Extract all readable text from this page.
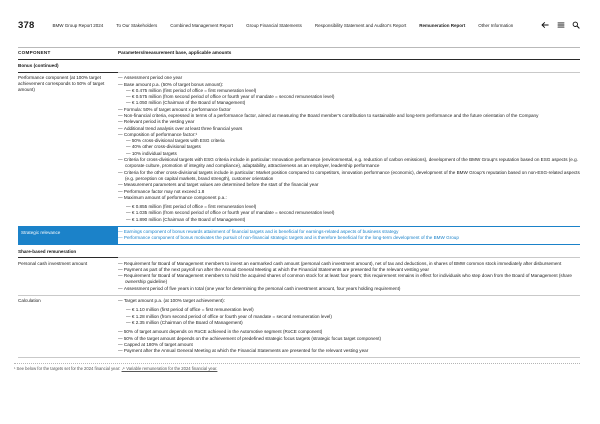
378	BMW Group Report 2024	To Our Stakeholders	Combined Management Report	Group Financial Statements	Responsibility Statement and Auditor's Report	Remuneration Report	Other Information
COMPONENT	Parameters/measurement base, applicable amounts
Bonus (continued)
Performance component (at 100% target achievement corresponds to 50% of target amount)
— Assessment period one year
— Base amount p.a. (50% of target bonus amount):
— € 0.475 million (first period of office = first remuneration level)
— € 0.575 million (from second period of office or fourth year of mandate = second remuneration level)
— € 1.050 million (Chairman of the Board of Management)
— Formula: 50% of target amount x performance factor
— Non-financial criteria, expressed in terms of a performance factor, aimed at measuring the Board member's contribution to sustainable and long-term performance and the future orientation of the Company
— Relevant period is the vesting year
— Additional trend analysis over at least three financial years
— Composition of performance factor:¹
— 50% cross-divisional targets with ESG criteria
— 40% other cross-divisional targets
— 10% individual targets
— Criteria for cross-divisional targets with ESG criteria include in particular: Innovation performance (environmental, e.g. reduction of carbon emissions), development of the BMW Group's reputation based on ESG aspects (e.g. corporate culture, promotion of integrity and compliance), adaptability, attractiveness as an employer, leadership performance
— Criteria for the other cross-divisional targets include in particular: Market position compared to competitors, innovation performance (economic), development of the BMW Group's reputation based on non-ESG-related aspects (e.g. perception on capital markets, brand strength), customer orientation
— Measurement parameters and target values are determined before the start of the financial year
— Performance factor may not exceed 1.8
— Maximum amount of performance component p.a.:
— € 0.855 million (first period of office = first remuneration level)
— € 1.035 million (from second period of office or fourth year of mandate = second remuneration level)
— € 1.890 million (Chairman of the Board of Management)
Strategic relevance	— Earnings component of bonus rewards attainment of financial targets and is beneficial for earnings-related aspects of business strategy
— Performance component of bonus motivates the pursuit of non-financial strategic targets and is therefore beneficial for the long-term development of the BMW Group
Share-based remuneration
Personal cash investment amount	— Requirement for Board of Management members to invest an earmarked cash amount (personal cash investment amount), net of tax and deductions, in shares of BMW common stock immediately after disbursement
— Payment as part of the next payroll run after the Annual General Meeting at which the Financial Statements are presented for the relevant vesting year
— Requirement for Board of Management members to hold the acquired shares of common stock for at least four years; this requirement remains in effect for individuals who step down from the Board of Management (share ownership guideline)
— Assessment period of five years in total (one year for determining the personal cash investment amount, four years holding requirement)
Calculation	— Target amount p.a. (at 100% target achievement):
— € 1.10 million (first period of office = first remuneration level)
— € 1.28 million (from second period of office or fourth year of mandate = second remuneration level)
— € 2.35 million (Chairman of the Board of Management)
— 50% of target amount depends on RoCE achieved in the Automotive segment (RoCE component)
— 50% of the target amount depends on the achievement of predefined strategic focus targets (strategic focus target component)
— Capped at 180% of target amount
— Payment after the Annual General Meeting at which the Financial Statements are presented for the relevant vesting year
¹ See below for the targets set for the 2024 financial year: ↗ Variable remuneration for the 2024 financial year.
